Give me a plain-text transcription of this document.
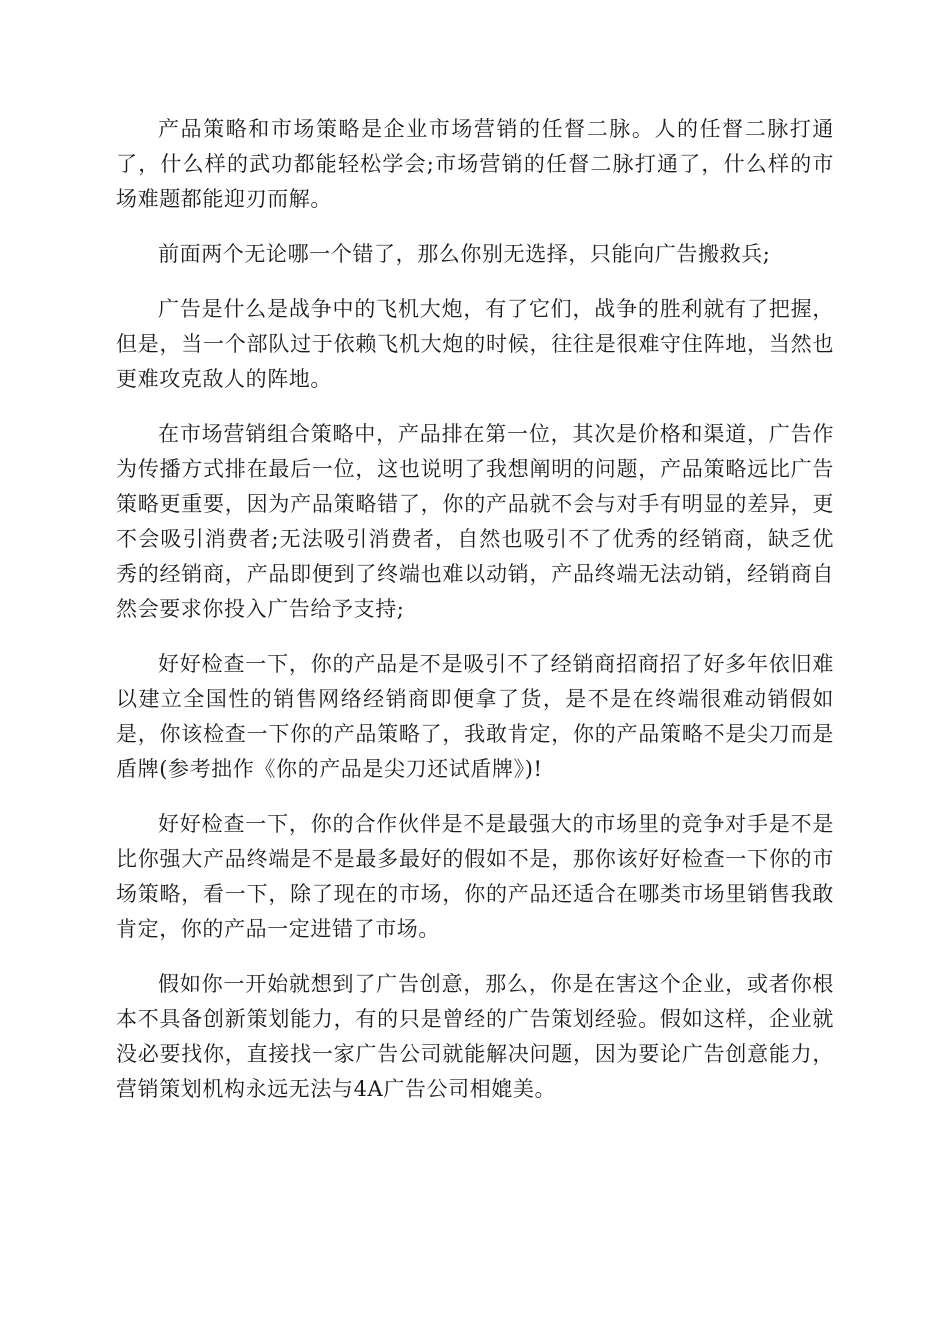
产品策略和市场策略是企业市场营销的任督二脉。人的任督二脉打通了，什么样的武功都能轻松学会;市场营销的任督二脉打通了，什么样的市场难题都能迎刃而解。

前面两个无论哪一个错了，那么你别无选择，只能向广告搬救兵;

广告是什么是战争中的飞机大炮，有了它们，战争的胜利就有了把握，但是，当一个部队过于依赖飞机大炮的时候，往往是很难守住阵地，当然也更难攻克敌人的阵地。

在市场营销组合策略中，产品排在第一位，其次是价格和渠道，广告作为传播方式排在最后一位，这也说明了我想阐明的问题，产品策略远比广告策略更重要，因为产品策略错了，你的产品就不会与对手有明显的差异，更不会吸引消费者;无法吸引消费者，自然也吸引不了优秀的经销商，缺乏优秀的经销商，产品即便到了终端也难以动销，产品终端无法动销，经销商自然会要求你投入广告给予支持;

好好检查一下，你的产品是不是吸引不了经销商招商招了好多年依旧难以建立全国性的销售网络经销商即便拿了货，是不是在终端很难动销假如是，你该检查一下你的产品策略了，我敢肯定，你的产品策略不是尖刀而是盾牌(参考拙作《你的产品是尖刀还试盾牌》)!

好好检查一下，你的合作伙伴是不是最强大的市场里的竞争对手是不是比你强大产品终端是不是最多最好的假如不是，那你该好好检查一下你的市场策略，看一下，除了现在的市场，你的产品还适合在哪类市场里销售我敢肯定，你的产品一定进错了市场。

假如你一开始就想到了广告创意，那么，你是在害这个企业，或者你根本不具备创新策划能力，有的只是曾经的广告策划经验。假如这样，企业就没必要找你，直接找一家广告公司就能解决问题，因为要论广告创意能力，营销策划机构永远无法与4A广告公司相媲美。
